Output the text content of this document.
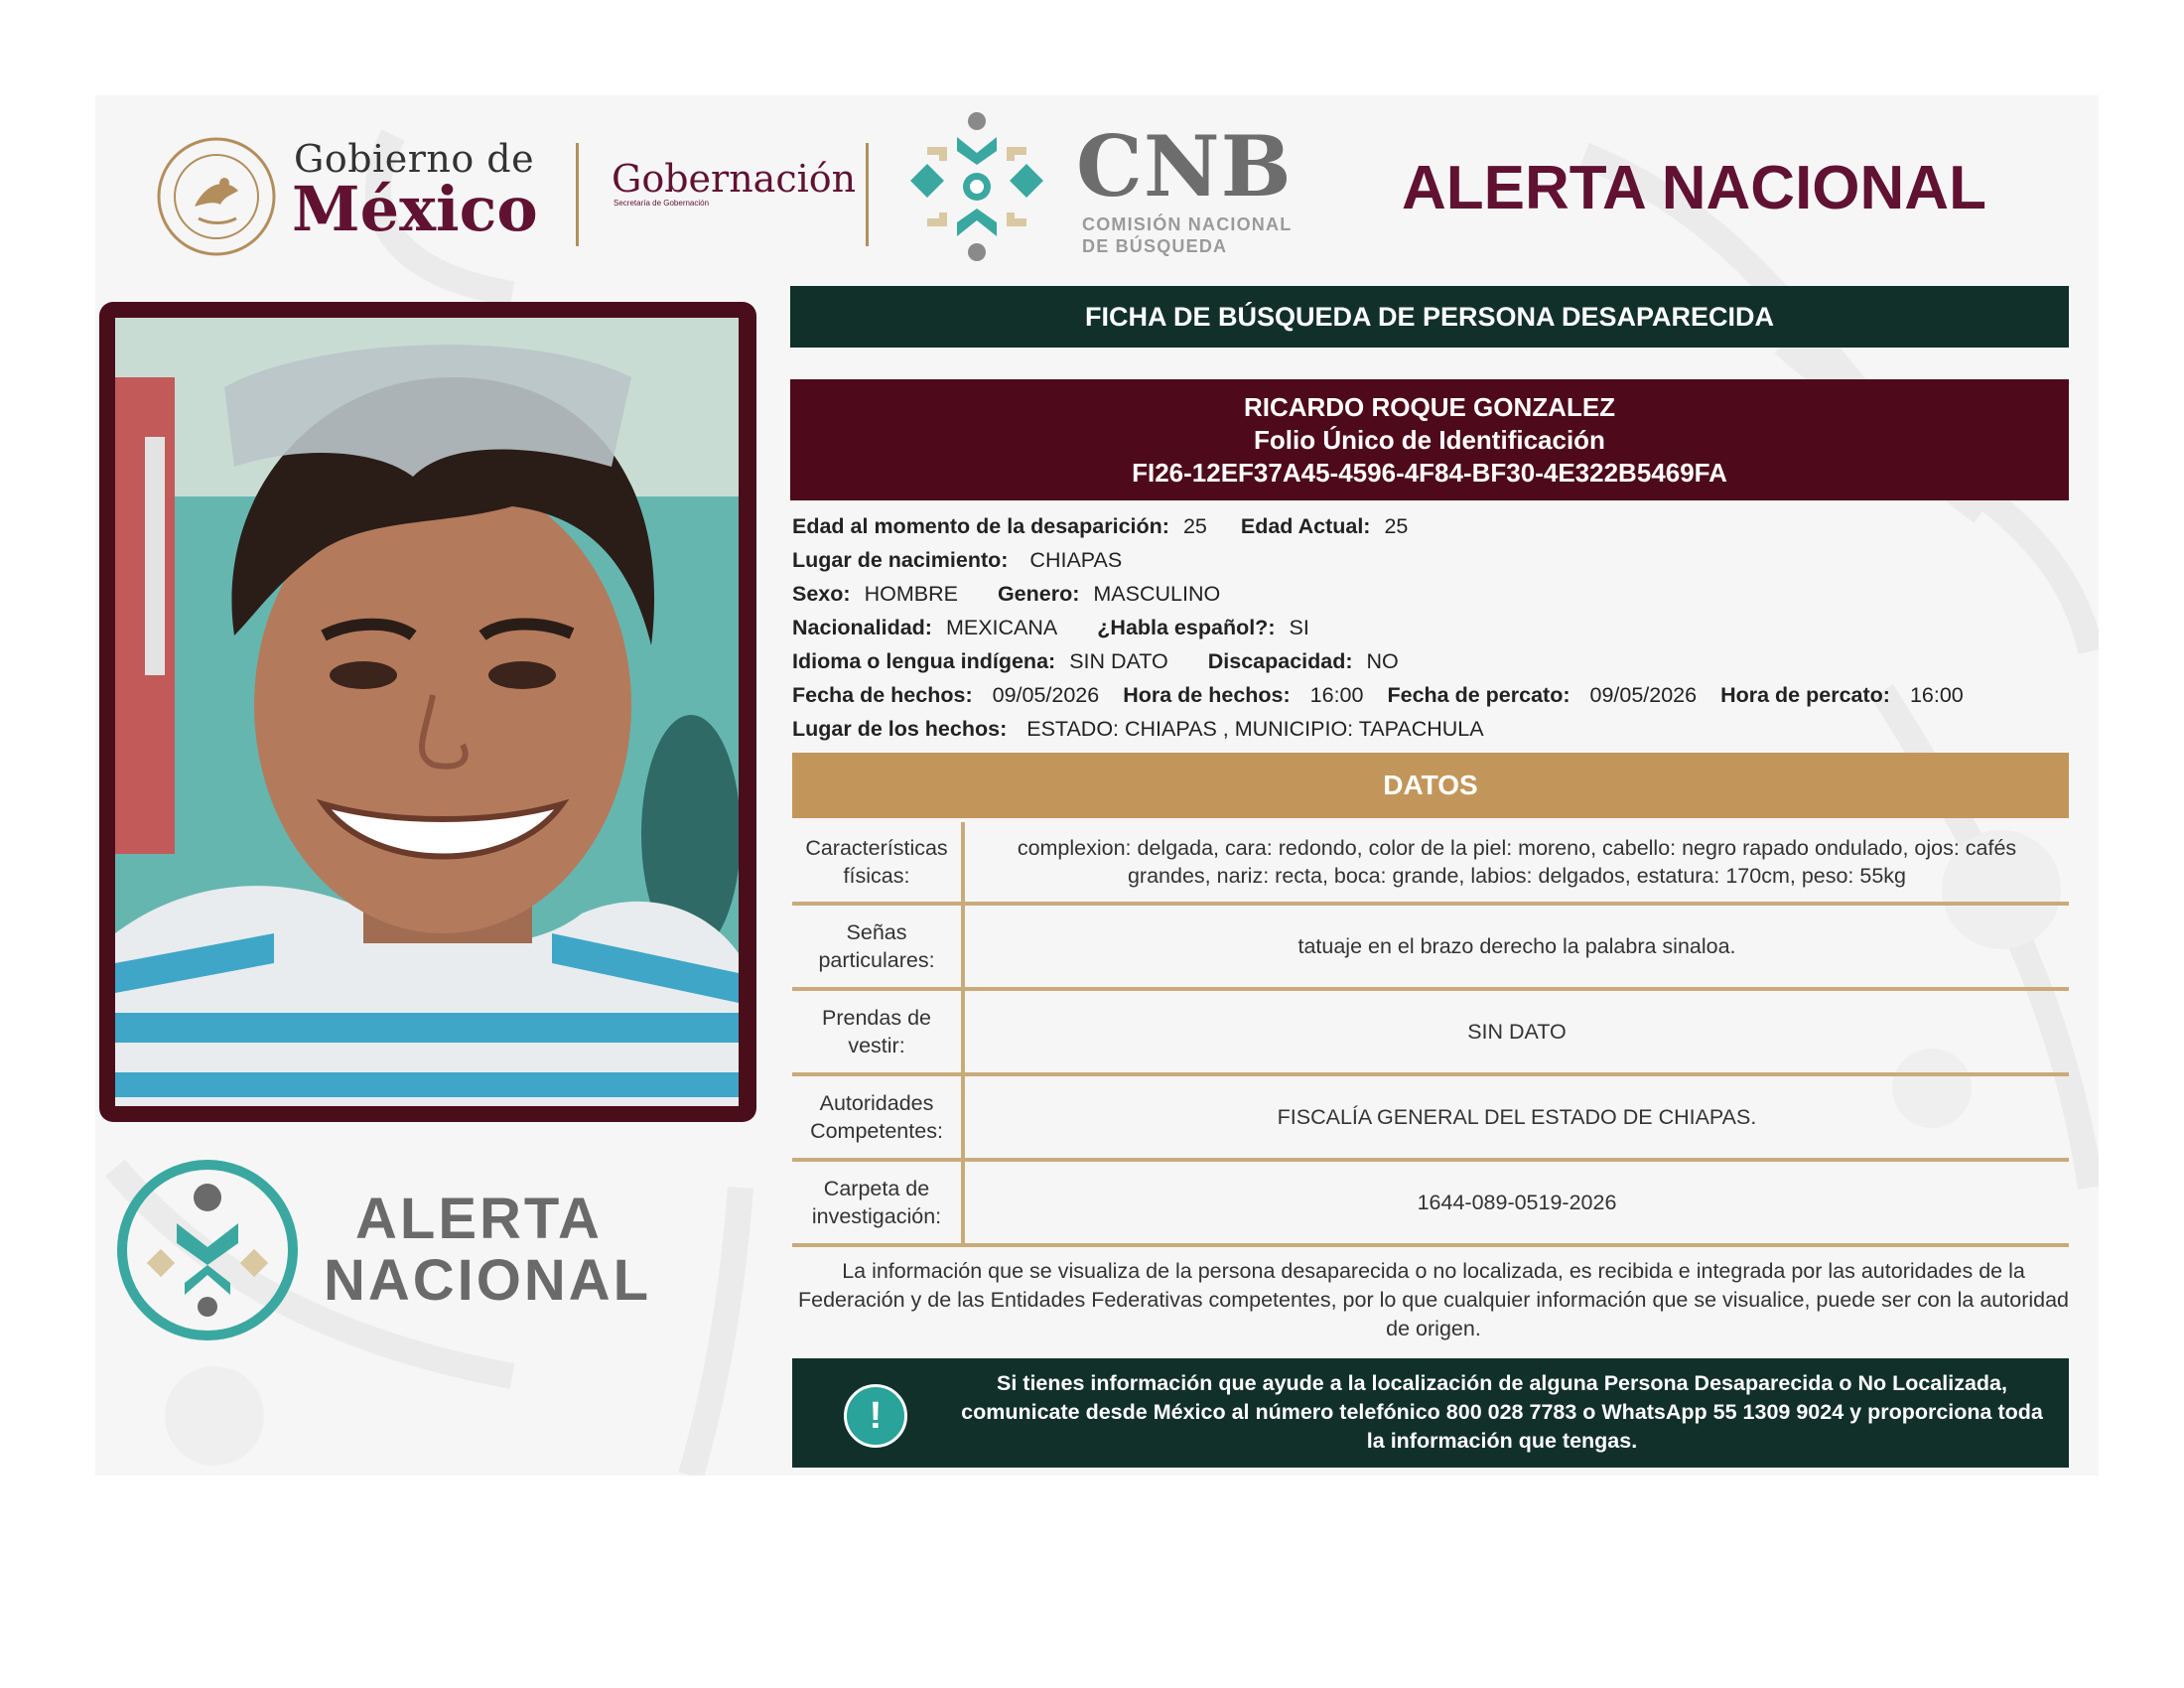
Gobierno de
México Gobernación
Secretaría de Gobernación	CNB
COMISIÓN NACIONAL
DE BÚSQUEDA
ALERTA NACIONAL
ALERTA
NACIONAL
FICHA DE BÚSQUEDA DE PERSONA DESAPARECIDA
RICARDO ROQUE GONZALEZ
Folio Único de Identificación
FI26-12EF37A45-4596-4F84-BF30-4E322B5469FA
Edad al momento de la desaparición: 25 Edad Actual: 25
Lugar de nacimiento: CHIAPAS
Sexo: HOMBRE Genero: MASCULINO
Nacionalidad: MEXICANA ¿Habla español?: SI
Idioma o lengua indígena: SIN DATO Discapacidad: NO
Fecha de hechos: 09/05/2026 Hora de hechos: 16:00 Fecha de percato: 09/05/2026 Hora de percato: 16:00
Lugar de los hechos: ESTADO: CHIAPAS , MUNICIPIO: TAPACHULA
DATOS
Características físicas:
complexion: delgada, cara: redondo, color de la piel: moreno, cabello: negro rapado ondulado, ojos: cafés grandes, nariz: recta, boca: grande, labios: delgados, estatura: 170cm, peso: 55kg
Señas particulares:
tatuaje en el brazo derecho la palabra sinaloa.
Prendas de vestir:
SIN DATO
Autoridades Competentes:
FISCALÍA GENERAL DEL ESTADO DE CHIAPAS.
Carpeta de investigación:
1644-089-0519-2026
La información que se visualiza de la persona desaparecida o no localizada, es recibida e integrada por las autoridades de la Federación y de las Entidades Federativas competentes, por lo que cualquier información que se visualice, puede ser con la autoridad de origen.
!
Si tienes información que ayude a la localización de alguna Persona Desaparecida o No Localizada, comunicate desde México al número telefónico 800 028 7783 o WhatsApp 55 1309 9024 y proporciona toda la información que tengas.
